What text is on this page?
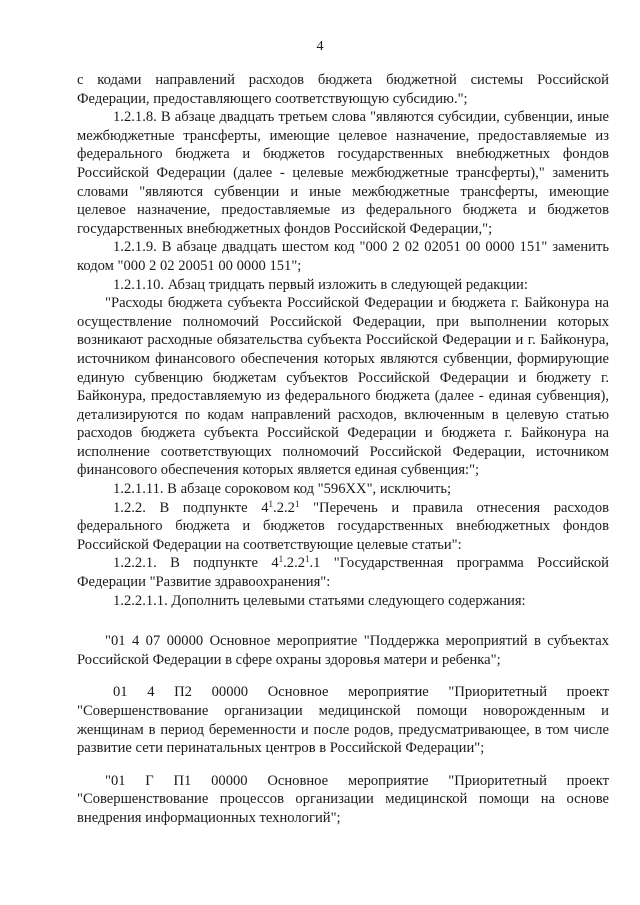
4

с кодами направлений расходов бюджета бюджетной системы Российской Федерации, предоставляющего соответствующую субсидию.";

1.2.1.8. В абзаце двадцать третьем слова "являются субсидии, субвенции, иные межбюджетные трансферты, имеющие целевое назначение, предоставляемые из федерального бюджета и бюджетов государственных внебюджетных фондов Российской Федерации (далее - целевые межбюджетные трансферты)," заменить словами "являются субвенции и иные межбюджетные трансферты, имеющие целевое назначение, предоставляемые из федерального бюджета и бюджетов государственных внебюджетных фондов Российской Федерации,";

1.2.1.9. В абзаце двадцать шестом код "000 2 02 02051 00 0000 151" заменить кодом "000 2 02 20051 00 0000 151";

1.2.1.10. Абзац тридцать первый изложить в следующей редакции:

"Расходы бюджета субъекта Российской Федерации и бюджета г. Байконура на осуществление полномочий Российской Федерации, при выполнении которых возникают расходные обязательства субъекта Российской Федерации и г. Байконура, источником финансового обеспечения которых являются субвенции, формирующие единую субвенцию бюджетам субъектов Российской Федерации и бюджету г. Байконура, предоставляемую из федерального бюджета (далее - единая субвенция), детализируются по кодам направлений расходов, включенным в целевую статью расходов бюджета субъекта Российской Федерации и бюджета г. Байконура на исполнение соответствующих полномочий Российской Федерации, источником финансового обеспечения которых является единая субвенция:";

1.2.1.11. В абзаце сороковом код "596ХХ", исключить;

1.2.2. В подпункте $4^1.2.2^1$ "Перечень и правила отнесения расходов федерального бюджета и бюджетов государственных внебюджетных фондов Российской Федерации на соответствующие целевые статьи":

1.2.2.1. В подпункте $4^1.2.2^1.1$ "Государственная программа Российской Федерации "Развитие здравоохранения":

1.2.2.1.1. Дополнить целевыми статьями следующего содержания:

"01 4 07 00000 Основное мероприятие "Поддержка мероприятий в субъектах Российской Федерации в сфере охраны здоровья матери и ребенка";

01 4 П2 00000 Основное мероприятие "Приоритетный проект "Совершенствование организации медицинской помощи новорожденным и женщинам в период беременности и после родов, предусматривающее, в том числе развитие сети перинатальных центров в Российской Федерации";

"01 Г П1 00000 Основное мероприятие "Приоритетный проект "Совершенствование процессов организации медицинской помощи на основе внедрения информационных технологий";
